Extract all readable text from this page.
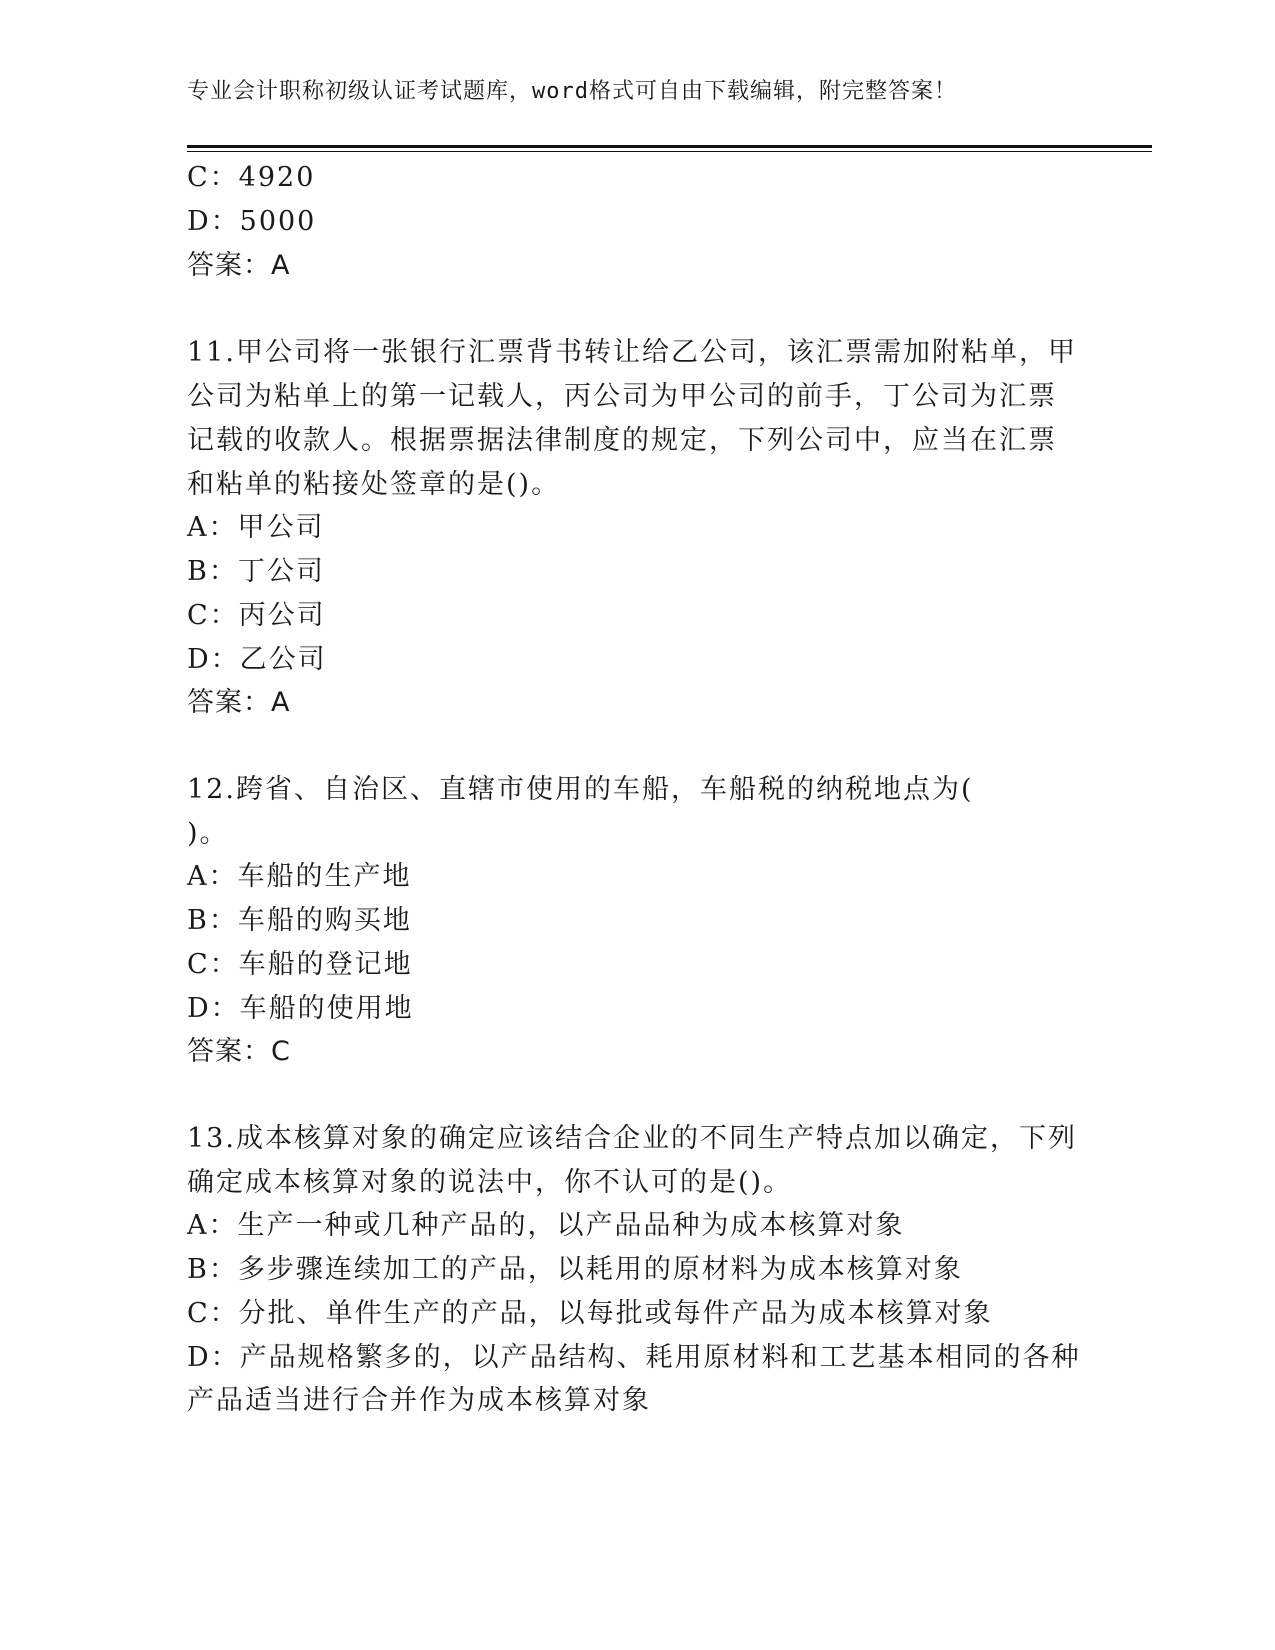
专业会计职称初级认证考试题库，word格式可自由下载编辑，附完整答案！
C：4920
D：5000
答案：A
11.甲公司将一张银行汇票背书转让给乙公司，该汇票需加附粘单，甲
公司为粘单上的第一记载人，丙公司为甲公司的前手，丁公司为汇票
记载的收款人。根据票据法律制度的规定，下列公司中，应当在汇票
和粘单的粘接处签章的是()。
A：甲公司
B：丁公司
C：丙公司
D：乙公司
答案：A
12.跨省、自治区、直辖市使用的车船，车船税的纳税地点为(
)。
A：车船的生产地
B：车船的购买地
C：车船的登记地
D：车船的使用地
答案：C
13.成本核算对象的确定应该结合企业的不同生产特点加以确定，下列
确定成本核算对象的说法中，你不认可的是()。
A：生产一种或几种产品的，以产品品种为成本核算对象
B：多步骤连续加工的产品，以耗用的原材料为成本核算对象
C：分批、单件生产的产品，以每批或每件产品为成本核算对象
D：产品规格繁多的，以产品结构、耗用原材料和工艺基本相同的各种
产品适当进行合并作为成本核算对象
